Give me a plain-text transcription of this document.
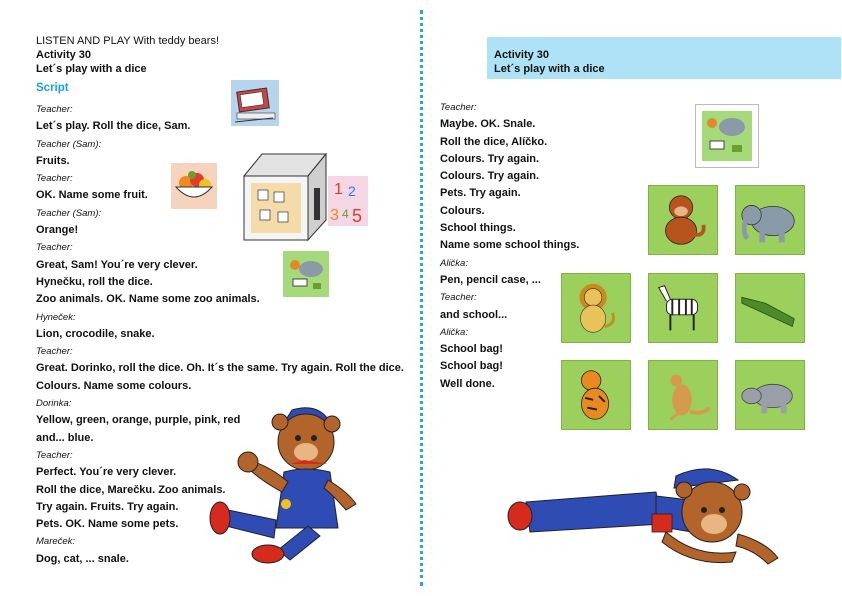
LISTEN AND PLAY With teddy bears!
Activity 30
Let´s play with a dice
Script
Teacher:
Let´s play. Roll the dice, Sam.
Teacher (Sam):
Fruits.
Teacher:
OK. Name some fruit.
Teacher (Sam):
Orange!
Teacher:
Great, Sam! You´re very clever.
Hynečku, roll the dice.
Zoo animals. OK. Name some zoo animals.
Hyneček:
Lion, crocodile, snake.
Teacher:
Great. Dorinko, roll the dice. Oh. It´s the same. Try again. Roll the dice.
Colours. Name some colours.
Dorinka:
Yellow, green, orange, purple, pink, red
and... blue.
Teacher:
Perfect. You´re very clever.
Roll the dice, Marečku. Zoo animals.
Try again. Fruits. Try again.
Pets. OK. Name some pets.
Mareček:
Dog, cat, ... snale.
1 2
3 4 5
Activity 30
Let´s play with a dice
Teacher:
Maybe. OK. Snale.
Roll the dice, Alíčko.
Colours. Try again.
Colours. Try again.
Pets. Try again.
Colours.
School things.
Name some school things.
Alička:
Pen, pencil case, ...
Teacher:
and school...
Alička:
School bag!
School bag!
Well done.
